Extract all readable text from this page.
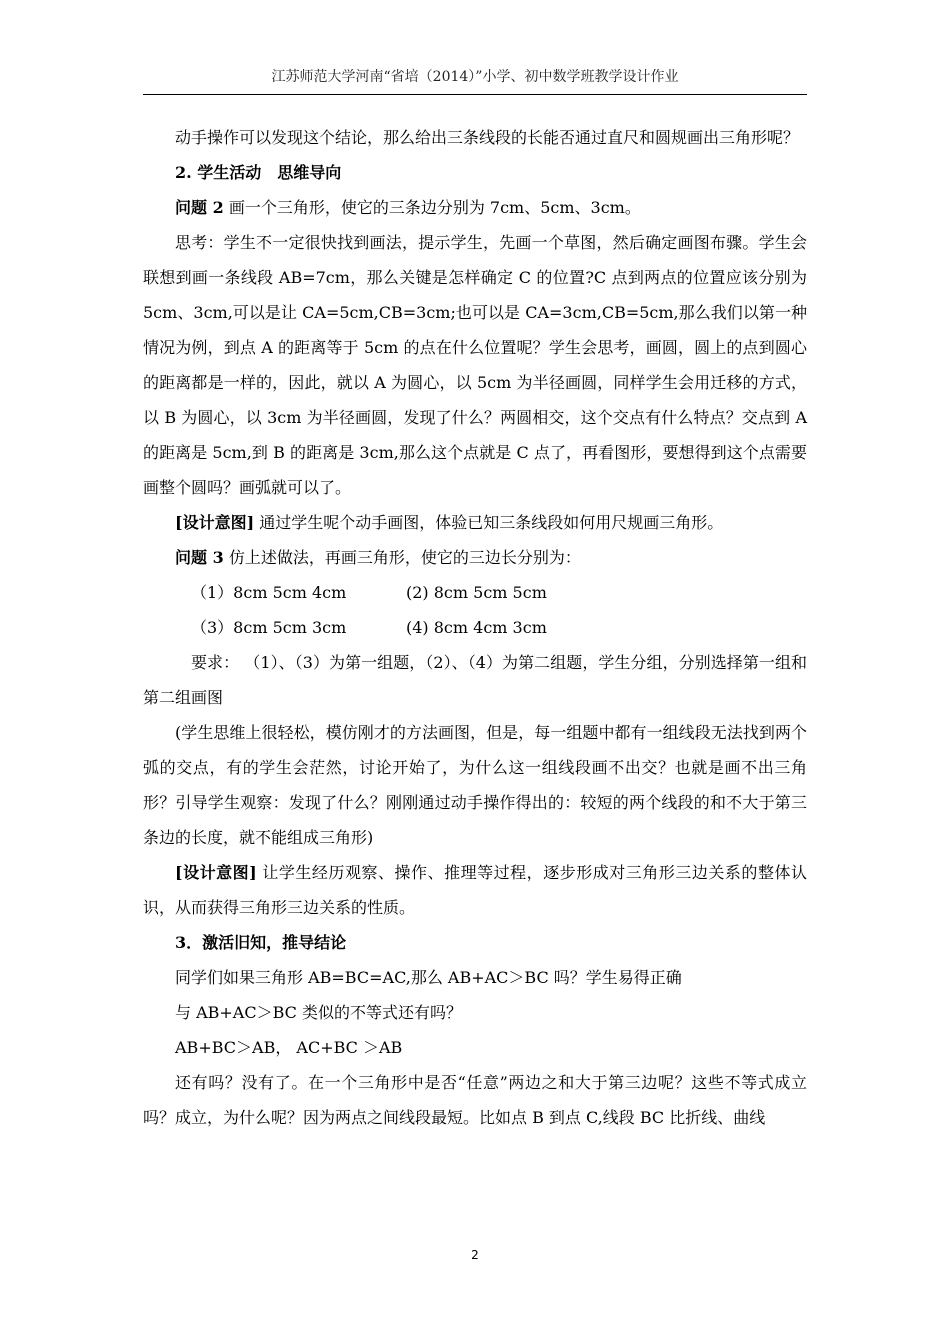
江苏师范大学河南“省培（2014）”小学、初中数学班教学设计作业

动手操作可以发现这个结论，那么给出三条线段的长能否通过直尺和圆规画出三角形呢？

2. 学生活动　思维导向

问题 2 画一个三角形，使它的三条边分别为 7cm、5cm、3cm。

思考：学生不一定很快找到画法，提示学生，先画一个草图，然后确定画图布骤。学生会联想到画一条线段 AB=7cm，那么关键是怎样确定 C 的位置?C 点到两点的位置应该分别为 5cm、3cm,可以是让 CA=5cm,CB=3cm;也可以是 CA=3cm,CB=5cm,那么我们以第一种情况为例，到点 A 的距离等于 5cm 的点在什么位置呢？学生会思考，画圆，圆上的点到圆心的距离都是一样的，因此，就以 A 为圆心，以 5cm 为半径画圆，同样学生会用迁移的方式，以 B 为圆心，以 3cm 为半径画圆，发现了什么？两圆相交，这个交点有什么特点？交点到 A 的距离是 5cm,到 B 的距离是 3cm,那么这个点就是 C 点了，再看图形，要想得到这个点需要画整个圆吗？画弧就可以了。

[设计意图] 通过学生呢个动手画图，体验已知三条线段如何用尺规画三角形。

问题 3 仿上述做法，再画三角形，使它的三边长分别为：

（1）8cm 5cm 4cm	(2) 8cm 5cm 5cm
（3）8cm 5cm 3cm	(4) 8cm 4cm 3cm

要求： （1）、（3）为第一组题，（2）、（4）为第二组题，学生分组，分别选择第一组和第二组画图

(学生思维上很轻松，模仿刚才的方法画图，但是，每一组题中都有一组线段无法找到两个弧的交点，有的学生会茫然，讨论开始了，为什么这一组线段画不出交？也就是画不出三角形？引导学生观察：发现了什么？刚刚通过动手操作得出的：较短的两个线段的和不大于第三条边的长度，就不能组成三角形)

[设计意图] 让学生经历观察、操作、推理等过程，逐步形成对三角形三边关系的整体认识，从而获得三角形三边关系的性质。

3．激活旧知，推导结论

同学们如果三角形 AB=BC=AC,那么 AB+AC＞BC 吗？学生易得正确

与 AB+AC＞BC 类似的不等式还有吗？

AB+BC＞AB， AC+BC ＞AB

还有吗？没有了。在一个三角形中是否“任意”两边之和大于第三边呢？这些不等式成立吗？成立，为什么呢？因为两点之间线段最短。比如点 B 到点 C,线段 BC 比折线、曲线

2
